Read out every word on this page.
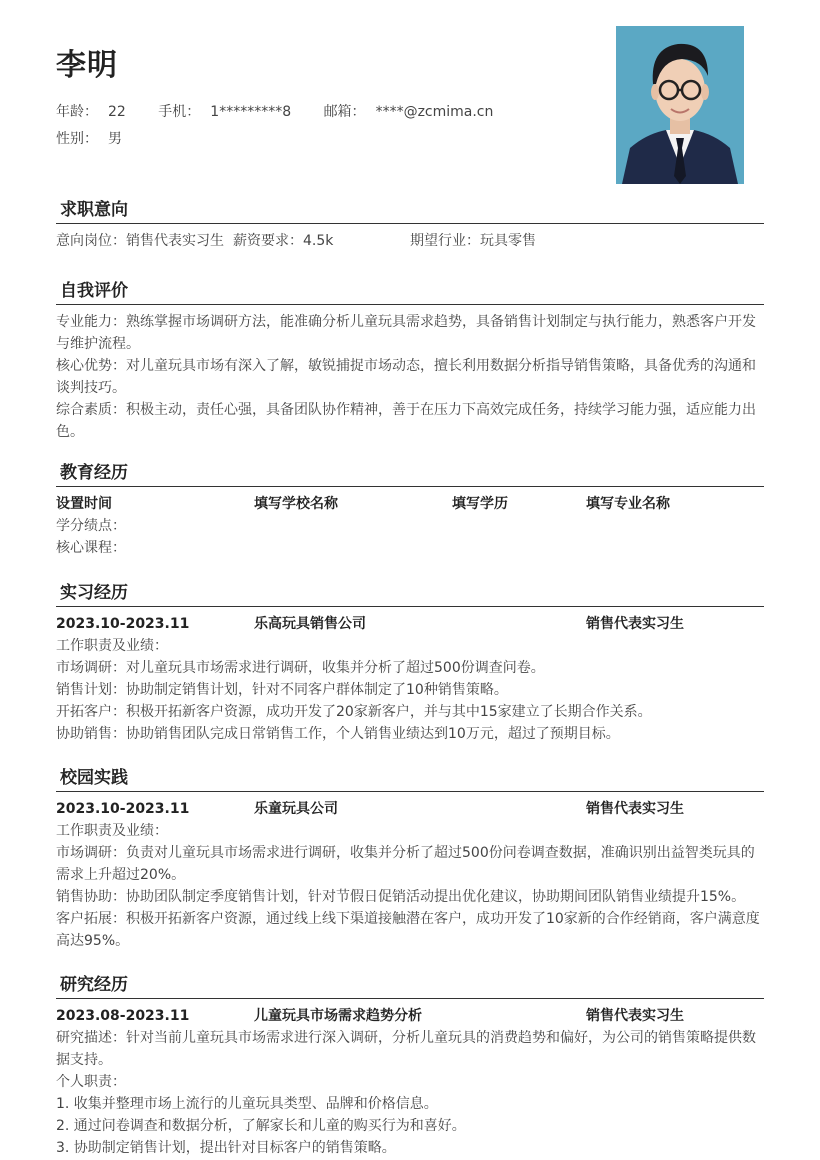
李明
年龄： 22 手机： 1*********8 邮箱： ****@zcmima.cn
性别： 男
求职意向
意向岗位：销售代表实习生 薪资要求：4.5k	期望行业：玩具零售
自我评价
专业能力：熟练掌握市场调研方法，能准确分析儿童玩具需求趋势，具备销售计划制定与执行能力，熟悉客户开发
与维护流程。
核心优势：对儿童玩具市场有深入了解，敏锐捕捉市场动态，擅长利用数据分析指导销售策略，具备优秀的沟通和
谈判技巧。
综合素质：积极主动，责任心强，具备团队协作精神，善于在压力下高效完成任务，持续学习能力强，适应能力出
色。
教育经历
设置时间	填写学校名称	填写学历	填写专业名称
学分绩点：
核心课程：
实习经历
2023.10-2023.11	乐高玩具销售公司	销售代表实习生
工作职责及业绩：
市场调研：对儿童玩具市场需求进行调研，收集并分析了超过500份调查问卷。
销售计划：协助制定销售计划，针对不同客户群体制定了10种销售策略。
开拓客户：积极开拓新客户资源，成功开发了20家新客户，并与其中15家建立了长期合作关系。
协助销售：协助销售团队完成日常销售工作，个人销售业绩达到10万元，超过了预期目标。
校园实践
2023.10-2023.11	乐童玩具公司	销售代表实习生
工作职责及业绩：
市场调研：负责对儿童玩具市场需求进行调研，收集并分析了超过500份问卷调查数据，准确识别出益智类玩具的
需求上升超过20%。
销售协助：协助团队制定季度销售计划，针对节假日促销活动提出优化建议，协助期间团队销售业绩提升15%。
客户拓展：积极开拓新客户资源，通过线上线下渠道接触潜在客户，成功开发了10家新的合作经销商，客户满意度
高达95%。
研究经历
2023.08-2023.11	儿童玩具市场需求趋势分析	销售代表实习生
研究描述：针对当前儿童玩具市场需求进行深入调研，分析儿童玩具的消费趋势和偏好，为公司的销售策略提供数
据支持。
个人职责：
1. 收集并整理市场上流行的儿童玩具类型、品牌和价格信息。
2. 通过问卷调查和数据分析，了解家长和儿童的购买行为和喜好。
3. 协助制定销售计划，提出针对目标客户的销售策略。
